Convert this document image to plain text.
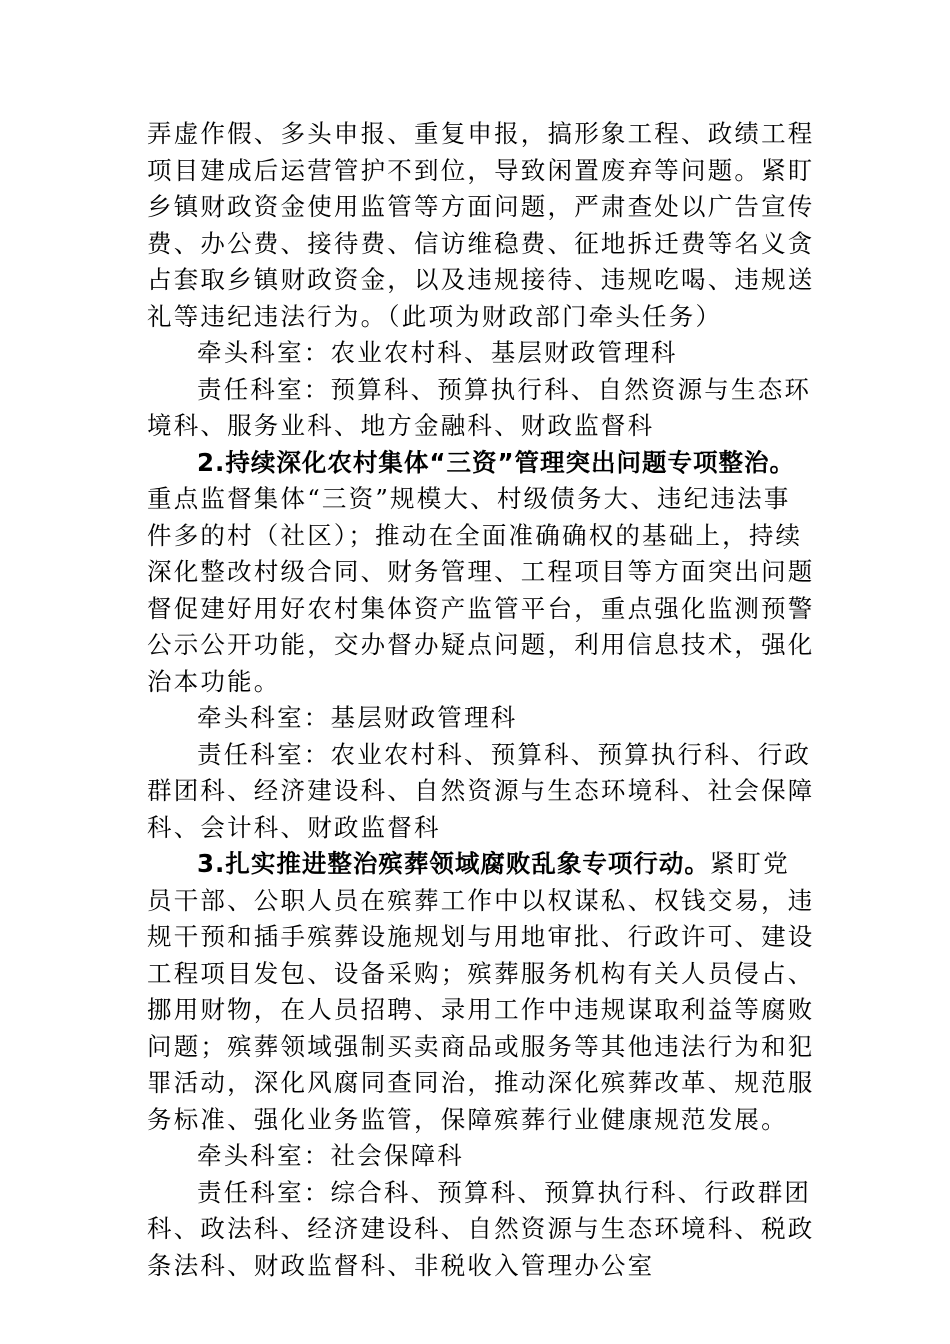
弄虚作假、多头申报、重复申报，搞形象工程、政绩工程
项目建成后运营管护不到位，导致闲置废弃等问题。紧盯
乡镇财政资金使用监管等方面问题，严肃查处以广告宣传
费、办公费、接待费、信访维稳费、征地拆迁费等名义贪
占套取乡镇财政资金，以及违规接待、违规吃喝、违规送
礼等违纪违法行为。（此项为财政部门牵头任务）
牵头科室：农业农村科、基层财政管理科
责任科室：预算科、预算执行科、自然资源与生态环
境科、服务业科、地方金融科、财政监督科
2.持续深化农村集体“三资”管理突出问题专项整治。
重点监督集体“三资”规模大、村级债务大、违纪违法事
件多的村（社区）；推动在全面准确确权的基础上，持续
深化整改村级合同、财务管理、工程项目等方面突出问题
督促建好用好农村集体资产监管平台，重点强化监测预警
公示公开功能，交办督办疑点问题，利用信息技术，强化
治本功能。
牵头科室：基层财政管理科
责任科室：农业农村科、预算科、预算执行科、行政
群团科、经济建设科、自然资源与生态环境科、社会保障
科、会计科、财政监督科
3.扎实推进整治殡葬领域腐败乱象专项行动。紧盯党
员干部、公职人员在殡葬工作中以权谋私、权钱交易，违
规干预和插手殡葬设施规划与用地审批、行政许可、建设
工程项目发包、设备采购；殡葬服务机构有关人员侵占、
挪用财物，在人员招聘、录用工作中违规谋取利益等腐败
问题；殡葬领域强制买卖商品或服务等其他违法行为和犯
罪活动，深化风腐同查同治，推动深化殡葬改革、规范服
务标准、强化业务监管，保障殡葬行业健康规范发展。
牵头科室：社会保障科
责任科室：综合科、预算科、预算执行科、行政群团
科、政法科、经济建设科、自然资源与生态环境科、税政
条法科、财政监督科、非税收入管理办公室
